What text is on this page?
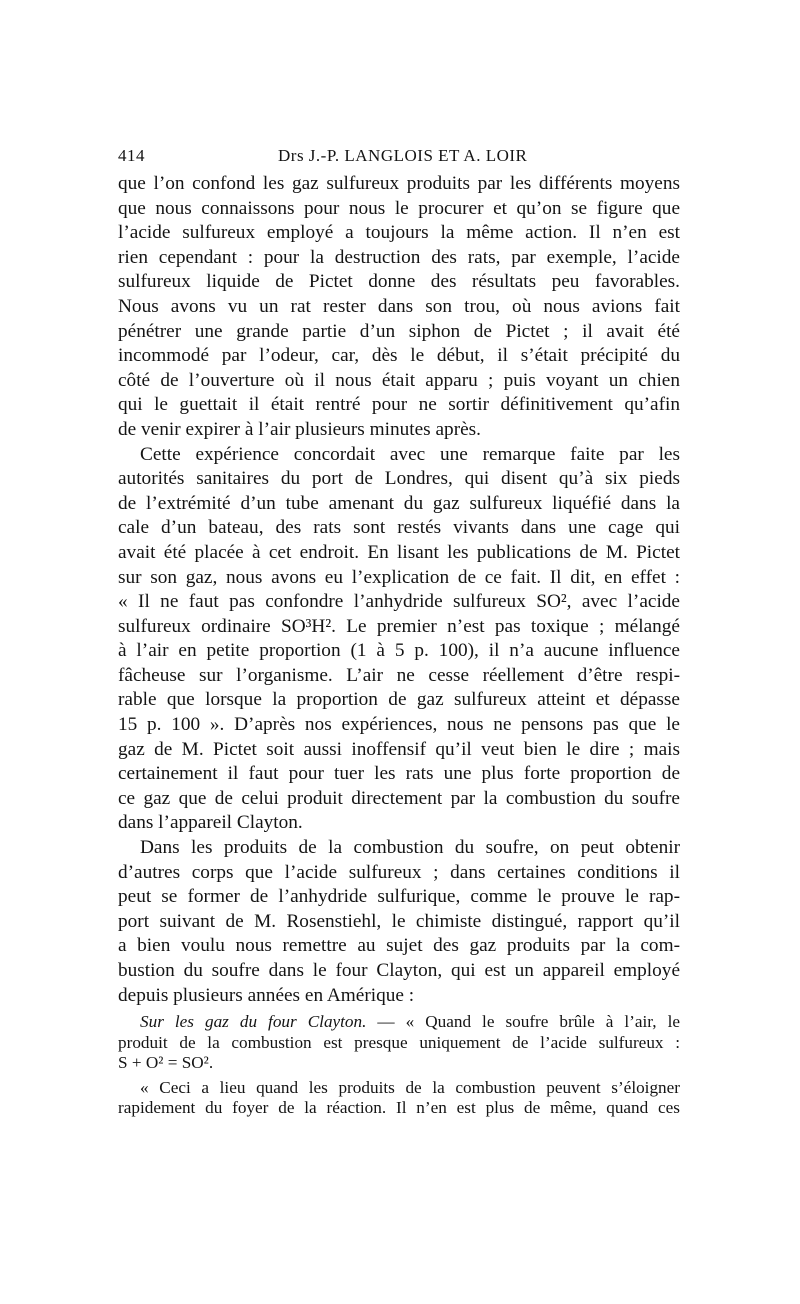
414	Drs J.-P. LANGLOIS ET A. LOIR
que l’on confond les gaz sulfureux produits par les différents moyens
que nous connaissons pour nous le procurer et qu’on se figure que
l’acide sulfureux employé a toujours la même action. Il n’en est
rien cependant : pour la destruction des rats, par exemple, l’acide
sulfureux liquide de Pictet donne des résultats peu favorables.
Nous avons vu un rat rester dans son trou, où nous avions fait
pénétrer une grande partie d’un siphon de Pictet ; il avait été
incommodé par l’odeur, car, dès le début, il s’était précipité du
côté de l’ouverture où il nous était apparu ; puis voyant un chien
qui le guettait il était rentré pour ne sortir définitivement qu’afin
de venir expirer à l’air plusieurs minutes après.
Cette expérience concordait avec une remarque faite par les
autorités sanitaires du port de Londres, qui disent qu’à six pieds
de l’extrémité d’un tube amenant du gaz sulfureux liquéfié dans la
cale d’un bateau, des rats sont restés vivants dans une cage qui
avait été placée à cet endroit. En lisant les publications de M. Pictet
sur son gaz, nous avons eu l’explication de ce fait. Il dit, en effet :
« Il ne faut pas confondre l’anhydride sulfureux SO², avec l’acide
sulfureux ordinaire SO³H². Le premier n’est pas toxique ; mélangé
à l’air en petite proportion (1 à 5 p. 100), il n’a aucune influence
fâcheuse sur l’organisme. L’air ne cesse réellement d’être respi-
rable que lorsque la proportion de gaz sulfureux atteint et dépasse
15 p. 100 ». D’après nos expériences, nous ne pensons pas que le
gaz de M. Pictet soit aussi inoffensif qu’il veut bien le dire ; mais
certainement il faut pour tuer les rats une plus forte proportion de
ce gaz que de celui produit directement par la combustion du soufre
dans l’appareil Clayton.
Dans les produits de la combustion du soufre, on peut obtenir
d’autres corps que l’acide sulfureux ; dans certaines conditions il
peut se former de l’anhydride sulfurique, comme le prouve le rap-
port suivant de M. Rosenstiehl, le chimiste distingué, rapport qu’il
a bien voulu nous remettre au sujet des gaz produits par la com-
bustion du soufre dans le four Clayton, qui est un appareil employé
depuis plusieurs années en Amérique :
Sur les gaz du four Clayton. — « Quand le soufre brûle à l’air, le
produit de la combustion est presque uniquement de l’acide sulfureux :
S + O² = SO².
« Ceci a lieu quand les produits de la combustion peuvent s’éloigner
rapidement du foyer de la réaction. Il n’en est plus de même, quand ces
